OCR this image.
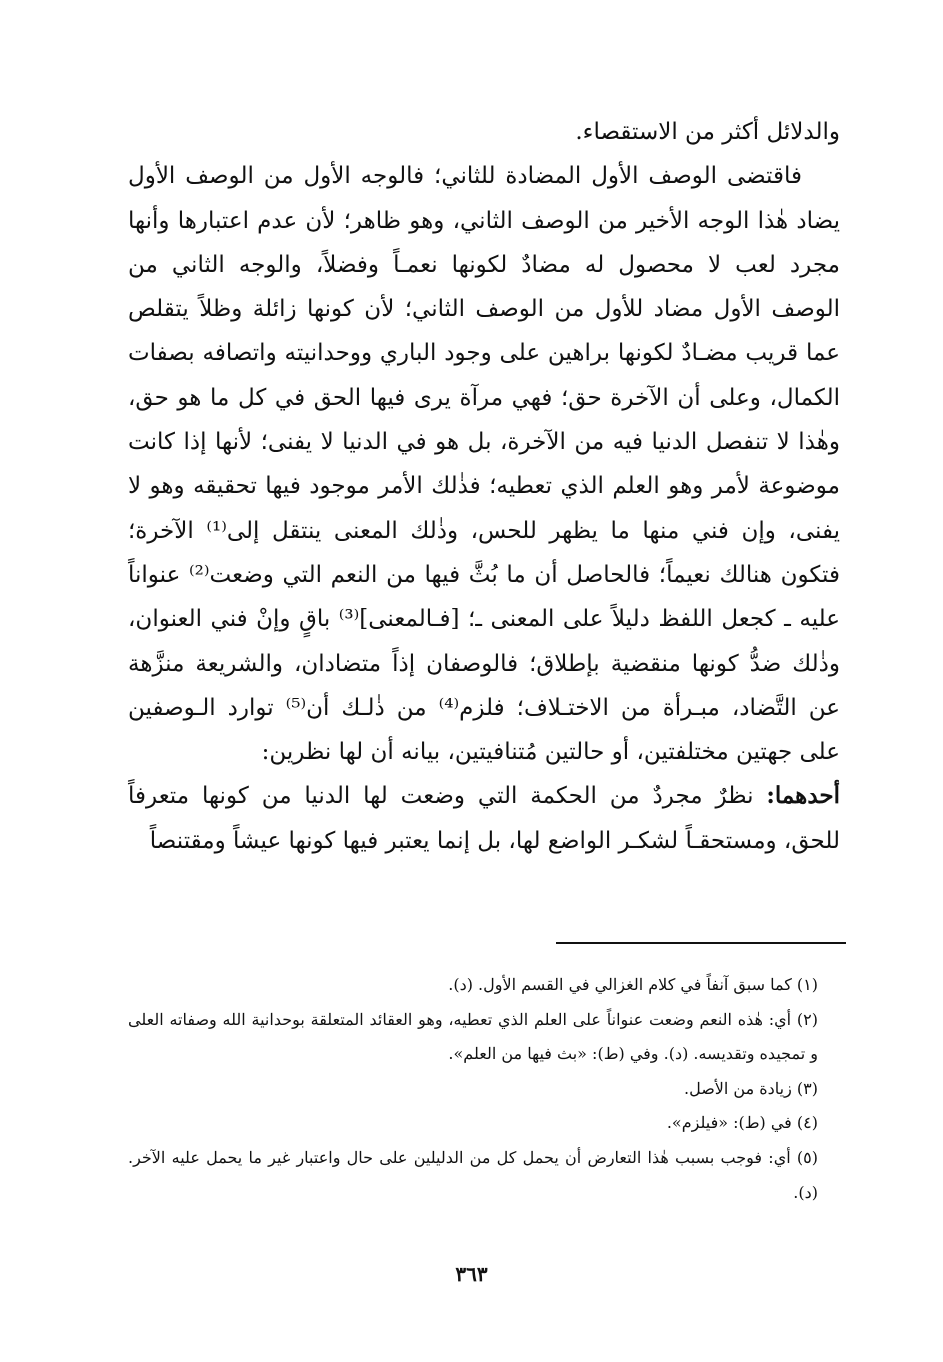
والدلائل أكثر من الاستقصاء.

فاقتضى الوصف الأول المضادة للثاني؛ فالوجه الأول من الوصف الأول يضاد هٰذا الوجه الأخير من الوصف الثاني، وهو ظاهر؛ لأن عدم اعتبارها وأنها مجرد لعب لا محصول له مضادٌ لكونها نعمـاً وفضلاً، والوجه الثاني من الوصف الأول مضاد للأول من الوصف الثاني؛ لأن كونها زائلة وظلاً يتقلص عما قريب مضـادٌ لكونها براهين على وجود الباري ووحدانيته واتصافه بصفات الكمال، وعلى أن الآخرة حق؛ فهي مرآة يرى فيها الحق في كل ما هو حق، وهٰذا لا تنفصل الدنيا فيه من الآخرة، بل هو في الدنيا لا يفنى؛ لأنها إذا كانت موضوعة لأمر وهو العلم الذي تعطيه؛ فذٰلك الأمر موجود فيها تحقيقه وهو لا يفنى، وإن فني منها ما يظهر للحس، وذٰلك المعنى ينتقل إلى⁽¹⁾ الآخرة؛ فتكون هنالك نعيماً؛ فالحاصل أن ما بُثَّ فيها من النعم التي وضعت⁽²⁾ عنواناً عليه ـ كجعل اللفظ دليلاً على المعنى ـ؛ [فـالمعنى]⁽³⁾ باقٍ وإنْ فني العنوان، وذٰلك ضدُّ كونها منقضية بإطلاق؛ فالوصفان إذاً متضادان، والشريعة منزَّهة عن التَّضاد، مبـرأة من الاختـلاف؛ فلزم⁽⁴⁾ من ذٰلـك أن⁽⁵⁾ توارد الـوصفين على جهتين مختلفتين، أو حالتين مُتنافيتين، بيانه أن لها نظرين:

أحدهما: نظرٌ مجردٌ من الحكمة التي وضعت لها الدنيا من كونها متعرفاً للحق، ومستحقـاً لشكـر الواضع لها، بل إنما يعتبر فيها كونها عيشاً ومقتنصاً

(١) كما سبق آنفاً في كلام الغزالي في القسم الأول. (د).

(٢) أي: هٰذه النعم وضعت عنواناً على العلم الذي تعطيه، وهو العقائد المتعلقة بوحدانية الله وصفاته العلى و تمجيده وتقديسه. (د). وفي (ط): «بث فيها من العلم».

(٣) زيادة من الأصل.

(٤) في (ط): «فيلزم».

(٥) أي: فوجب بسبب هٰذا التعارض أن يحمل كل من الدليلين على حال واعتبار غير ما يحمل عليه الآخر. (د).

٣٦٣
